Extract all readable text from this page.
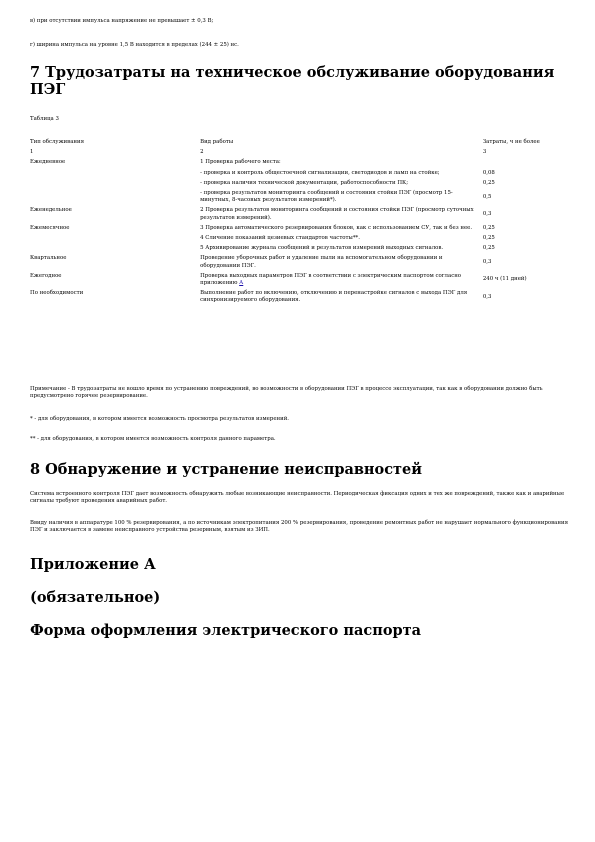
в) при отсутствии импульса напряжение не превышает ± 0,3 В;
г) ширина импульса на уровне 1,5 В находится в пределах (244 ± 25) нс.
7 Трудозатраты на техническое обслуживание оборудования ПЭГ
Таблица 3
Тип обслуживания	Вид работы	Затраты, ч не более
1	2	3
Ежедневное	1 Проверка рабочего места:	
	- проверка и контроль общестоечной сигнализации, светодиодов и ламп на стойке;	0,08
	- проверка наличия технической документации, работоспособности ПК;	0,25
	- проверка результатов мониторинга сообщений и состояния стойки ПЭГ (просмотр 15-минутных, 8-часовых результатов измерений*).	0,5
Еженедельное	2 Проверка результатов мониторинга сообщений и состояния стойки ПЭГ (просмотр суточных результатов измерений).	0,3
Ежемесячное	3 Проверка автоматического резервирования блоков, как с использованием СУ, так и без нее.	0,25
	4 Сличение показаний цезиевых стандартов частоты**.	0,25
	5 Архивирование журнала сообщений и результатов измерений выходных сигналов.	0,25
Квартальное	Проведение уборочных работ и удаление пыли на вспомогательном оборудовании и оборудовании ПЭГ.	0,3
Ежегодное	Проверка выходных параметров ПЭГ в соответствии с электрическим паспортом согласно приложению А	240 ч (11 дней)
По необходимости	Выполнение работ по включению, отключению и перенастройке сигналов с выхода ПЭГ для синхронизируемого оборудования.	0,3
Примечание - В трудозатраты не вошло время по устранению повреждений, во возможности в оборудовании ПЭГ в процессе эксплуатации, так как в оборудовании должно быть предусмотрено горячее резервирование.
* - для оборудования, в котором имеется возможность просмотра результатов измерений.
** - для оборудования, в котором имеется возможность контроля данного параметра.
8 Обнаружение и устранение неисправностей
Система встроенного контроля ПЭГ дает возможность обнаружить любые возникающие неисправности. Периодическая фиксация одних и тех же повреждений, также как и аварийные сигналы требуют проведения аварийных работ.
Ввиду наличия в аппаратуре 100 % резервирования, а по источникам электропитания 200 % резервирования, проведение ремонтных работ не нарушает нормального функционирования ПЭГ и заключается в замене неисправного устройства резервным, взятым из ЗИП.
Приложение А
(обязательное)
Форма оформления электрического паспорта
